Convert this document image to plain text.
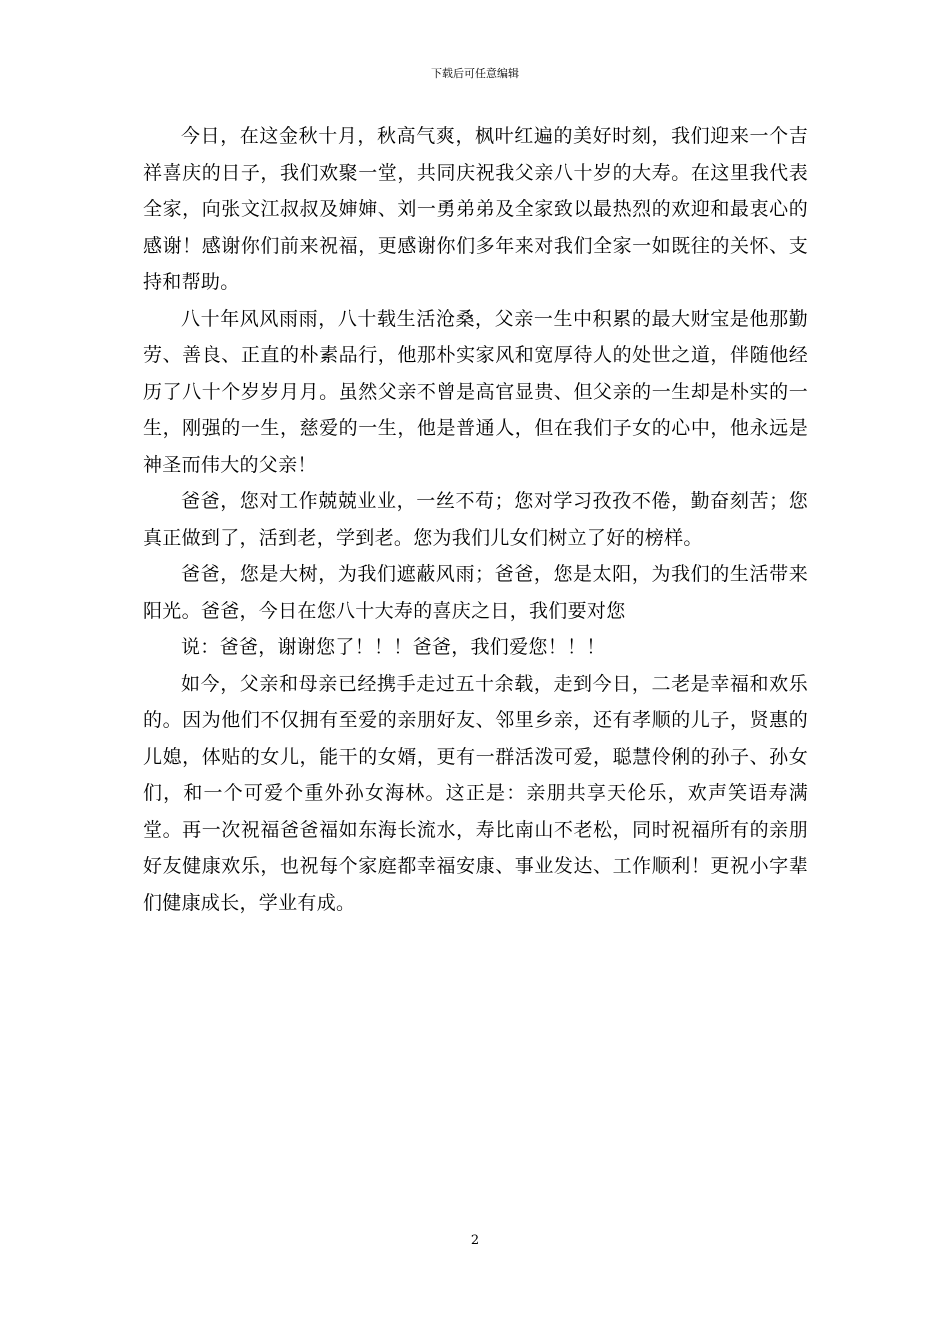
下载后可任意编辑

今日，在这金秋十月，秋高气爽，枫叶红遍的美好时刻，我们迎来一个吉祥喜庆的日子，我们欢聚一堂，共同庆祝我父亲八十岁的大寿。在这里我代表全家，向张文江叔叔及婶婶、刘一勇弟弟及全家致以最热烈的欢迎和最衷心的感谢！感谢你们前来祝福，更感谢你们多年来对我们全家一如既往的关怀、支持和帮助。

八十年风风雨雨，八十载生活沧桑，父亲一生中积累的最大财宝是他那勤劳、善良、正直的朴素品行，他那朴实家风和宽厚待人的处世之道，伴随他经历了八十个岁岁月月。虽然父亲不曾是高官显贵、但父亲的一生却是朴实的一生，刚强的一生，慈爱的一生，他是普通人，但在我们子女的心中，他永远是神圣而伟大的父亲！

爸爸，您对工作兢兢业业，一丝不苟；您对学习孜孜不倦，勤奋刻苦；您真正做到了，活到老，学到老。您为我们儿女们树立了好的榜样。

爸爸，您是大树，为我们遮蔽风雨；爸爸，您是太阳，为我们的生活带来阳光。爸爸，今日在您八十大寿的喜庆之日，我们要对您

说：爸爸，谢谢您了！！！爸爸，我们爱您！！！

如今，父亲和母亲已经携手走过五十余载，走到今日，二老是幸福和欢乐的。因为他们不仅拥有至爱的亲朋好友、邻里乡亲，还有孝顺的儿子，贤惠的儿媳，体贴的女儿，能干的女婿，更有一群活泼可爱，聪慧伶俐的孙子、孙女们，和一个可爱个重外孙女海林。这正是：亲朋共享天伦乐，欢声笑语寿满堂。再一次祝福爸爸福如东海长流水，寿比南山不老松，同时祝福所有的亲朋好友健康欢乐，也祝每个家庭都幸福安康、事业发达、工作顺利！更祝小字辈们健康成长，学业有成。

2
